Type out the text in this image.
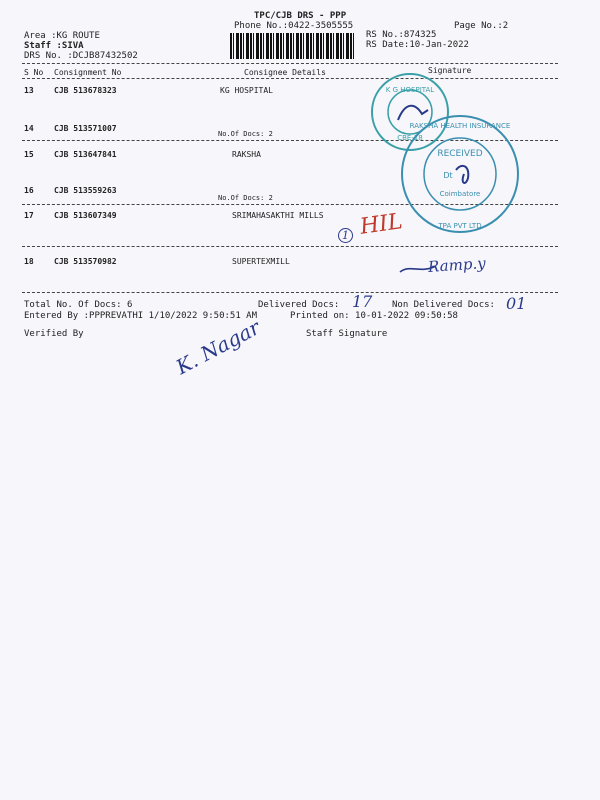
TPC/CJB DRS - PPP
Phone No.:0422-3505555	Page No.:2
Area :KG ROUTE
Staff :SIVA
DRS No. :DCJB87432502
RS No.:874325
RS Date:10-Jan-2022
S No Consignment No	Consignee Details	Signature
13	CJB 513678323	KG HOSPITAL
14	CJB 513571007
No.Of Docs: 2
15	CJB 513647841	RAKSHA
16	CJB 513559263
No.Of Docs: 2
17	CJB 513607349	SRIMAHASAKTHI MILLS
18	CJB 513570982	SUPERTEXMILL
Total No. Of Docs: 6	Delivered Docs:	Non Delivered Docs:
Entered By :PPPREVATHI 1/10/2022 9:50:51 AM	Printed on: 10-01-2022 09:50:58
Verified By	Staff Signature
17	01
1 HIL
Ramp.y
K. Nagar
K G HOSPITAL
CBE-18
RAKSHA HEALTH INSURANCE
TPA PVT LTD
RECEIVED
Dt
Coimbatore
